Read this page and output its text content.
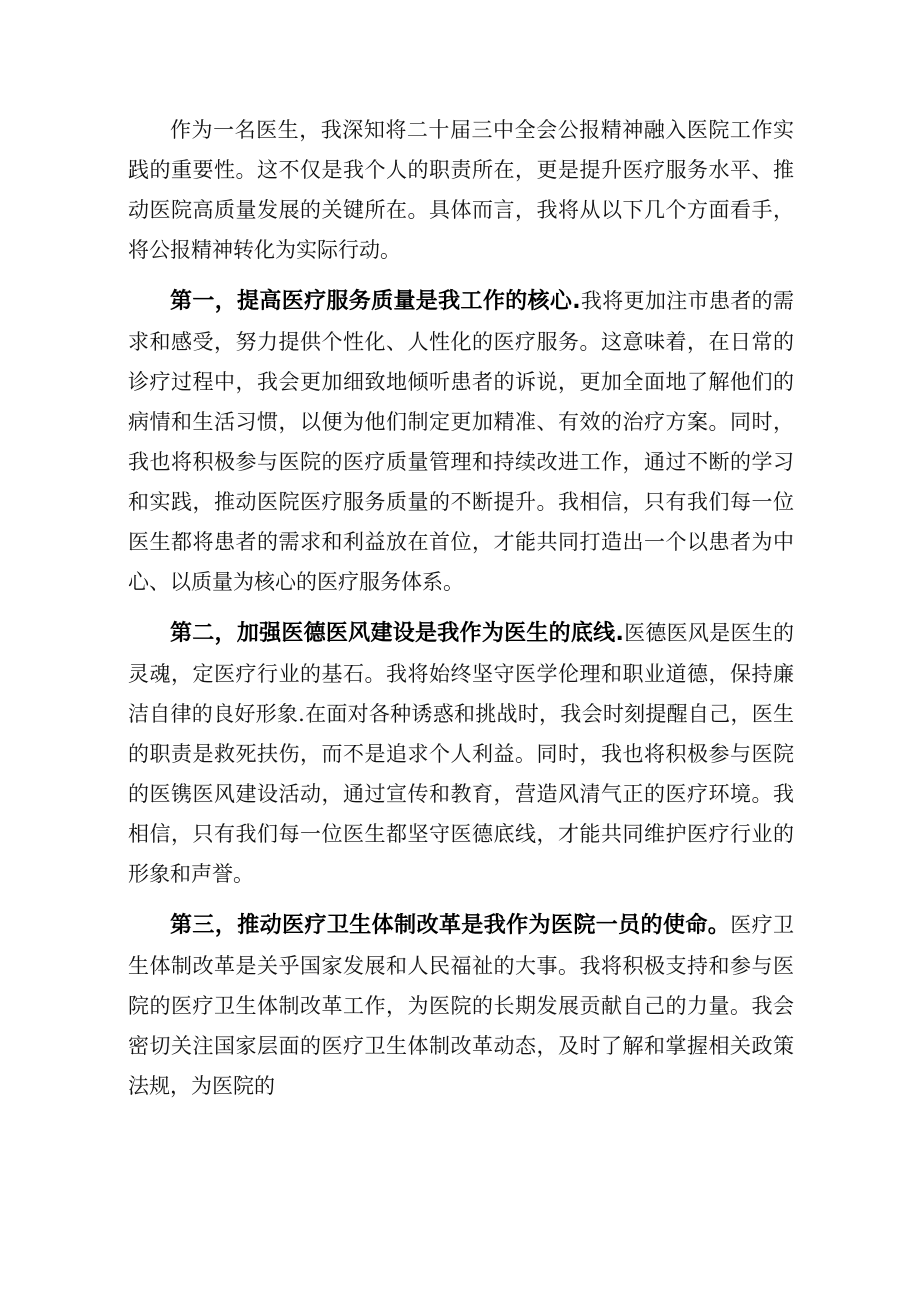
作为一名医生，我深知将二十届三中全会公报精神融入医院工作实践的重要性。这不仅是我个人的职责所在，更是提升医疗服务水平、推动医院高质量发展的关键所在。具体而言，我将从以下几个方面看手，将公报精神转化为实际行动。

第一，提高医疗服务质量是我工作的核心.我将更加注市患者的需求和感受，努力提供个性化、人性化的医疗服务。这意味着，在日常的诊疗过程中，我会更加细致地倾听患者的诉说，更加全面地了解他们的病情和生活习惯，以便为他们制定更加精准、有效的治疗方案。同时，我也将积极参与医院的医疗质量管理和持续改进工作，通过不断的学习和实践，推动医院医疗服务质量的不断提升。我相信，只有我们每一位医生都将患者的需求和利益放在首位，才能共同打造出一个以患者为中心、以质量为核心的医疗服务体系。

第二，加强医德医风建设是我作为医生的底线.医德医风是医生的灵魂，定医疗行业的基石。我将始终坚守医学伦理和职业道德，保持廉洁自律的良好形象.在面对各种诱惑和挑战时，我会时刻提醒自己，医生的职责是救死扶伤，而不是追求个人利益。同时，我也将积极参与医院的医镌医风建设活动，通过宣传和教育，营造风清气正的医疗环境。我相信，只有我们每一位医生都坚守医德底线，才能共同维护医疗行业的形象和声誉。

第三，推动医疗卫生体制改革是我作为医院一员的使命。医疗卫生体制改革是关乎国家发展和人民福祉的大事。我将积极支持和参与医院的医疗卫生体制改革工作，为医院的长期发展贡献自己的力量。我会密切关注国家层面的医疗卫生体制改革动态，及时了解和掌握相关政策法规，为医院的
